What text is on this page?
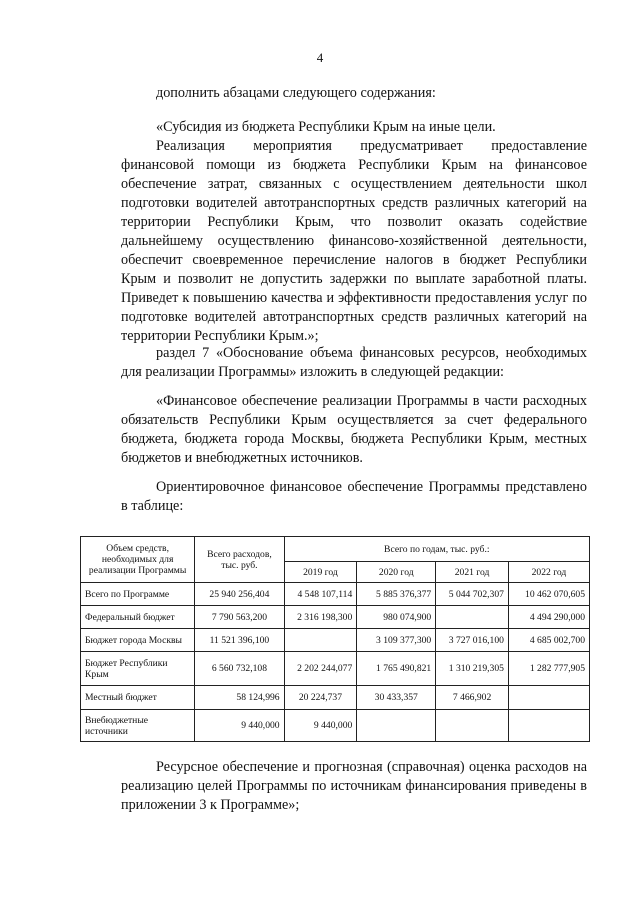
4

дополнить абзацами следующего содержания:

«Субсидия из бюджета Республики Крым на иные цели.

Реализация мероприятия предусматривает предоставление финансовой помощи из бюджета Республики Крым на финансовое обеспечение затрат, связанных с осуществлением деятельности школ подготовки водителей автотранспортных средств различных категорий на территории Республики Крым, что позволит оказать содействие дальнейшему осуществлению финансово-хозяйственной деятельности, обеспечит своевременное перечисление налогов в бюджет Республики Крым и позволит не допустить задержки по выплате заработной платы. Приведет к повышению качества и эффективности предоставления услуг по подготовке водителей автотранспортных средств различных категорий на территории Республики Крым.»;

раздел 7 «Обоснование объема финансовых ресурсов, необходимых для реализации Программы» изложить в следующей редакции:

«Финансовое обеспечение реализации Программы в части расходных обязательств Республики Крым осуществляется за счет федерального бюджета, бюджета города Москвы, бюджета Республики Крым, местных бюджетов и внебюджетных источников.

Ориентировочное финансовое обеспечение Программы представлено в таблице:

Объем средств, необходимых для реализации Программы	Всего расходов, тыс. руб.	Всего по годам, тыс. руб.:			
		2019 год	2020 год	2021 год	2022 год
Всего по Программе	25 940 256,404	4 548 107,114	5 885 376,377	5 044 702,307	10 462 070,605
Федеральный бюджет	7 790 563,200	2 316 198,300	980 074,900		4 494 290,000
Бюджет города Москвы	11 521 396,100		3 109 377,300	3 727 016,100	4 685 002,700
Бюджет Республики Крым	6 560 732,108	2 202 244,077	1 765 490,821	1 310 219,305	1 282 777,905
Местный бюджет	58 124,996	20 224,737	30 433,357	7 466,902	
Внебюджетные источники	9 440,000	9 440,000			

Ресурсное обеспечение и прогнозная (справочная) оценка расходов на реализацию целей Программы по источникам финансирования приведены в приложении 3 к Программе»;
